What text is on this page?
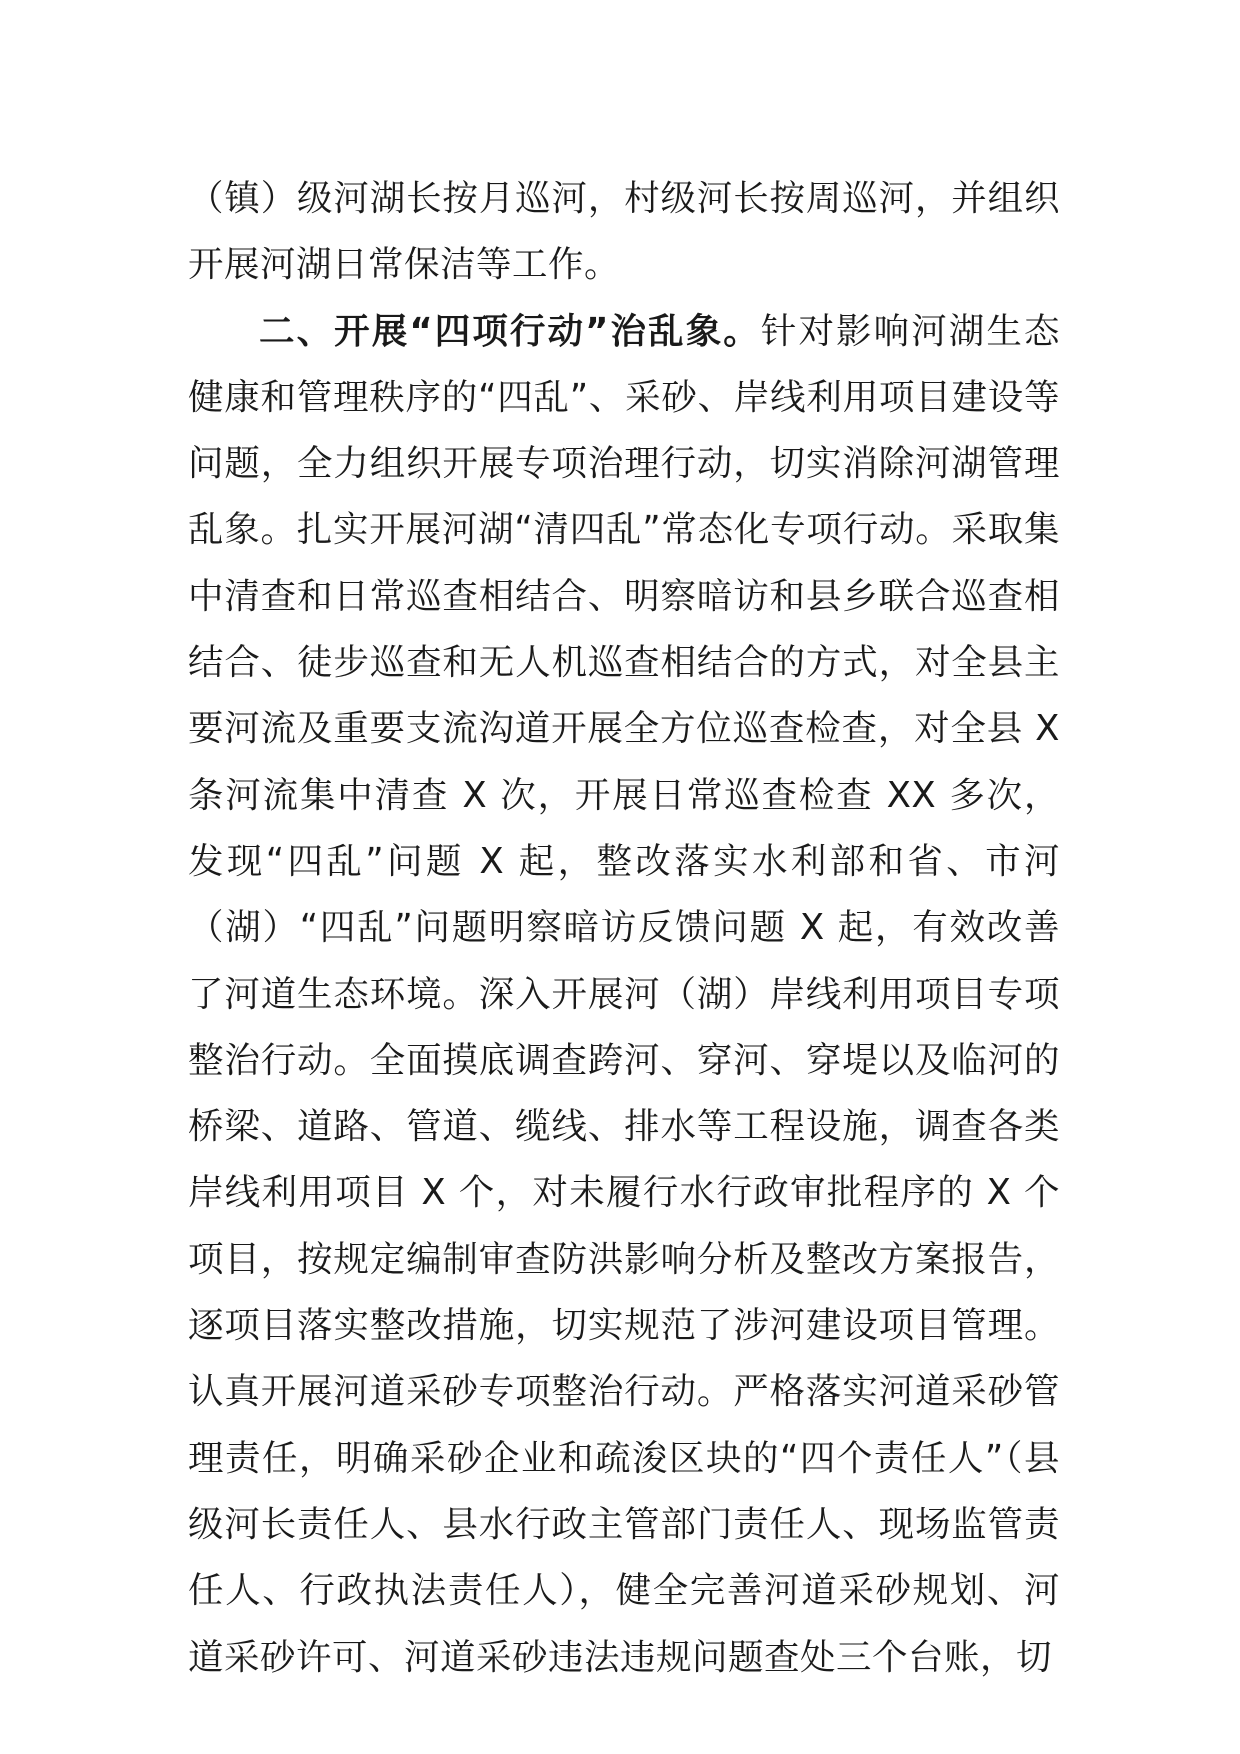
（镇）级河湖长按月巡河，村级河长按周巡河，并组织开展河湖日常保洁等工作。

二、开展“四项行动”治乱象。针对影响河湖生态健康和管理秩序的“四乱”、采砂、岸线利用项目建设等问题，全力组织开展专项治理行动，切实消除河湖管理乱象。扎实开展河湖“清四乱”常态化专项行动。采取集中清查和日常巡查相结合、明察暗访和县乡联合巡查相结合、徒步巡查和无人机巡查相结合的方式，对全县主要河流及重要支流沟道开展全方位巡查检查，对全县 X 条河流集中清查 X 次，开展日常巡查检查 XX 多次，发现“四乱”问题 X 起，整改落实水利部和省、市河（湖）“四乱”问题明察暗访反馈问题 X 起，有效改善了河道生态环境。深入开展河（湖）岸线利用项目专项整治行动。全面摸底调查跨河、穿河、穿堤以及临河的桥梁、道路、管道、缆线、排水等工程设施，调查各类岸线利用项目 X 个，对未履行水行政审批程序的 X 个项目，按规定编制审查防洪影响分析及整改方案报告，逐项目落实整改措施，切实规范了涉河建设项目管理。认真开展河道采砂专项整治行动。严格落实河道采砂管理责任，明确采砂企业和疏浚区块的“四个责任人”（县级河长责任人、县水行政主管部门责任人、现场监管责任人、行政执法责任人），健全完善河道采砂规划、河道采砂许可、河道采砂违法违规问题查处三个台账，切
